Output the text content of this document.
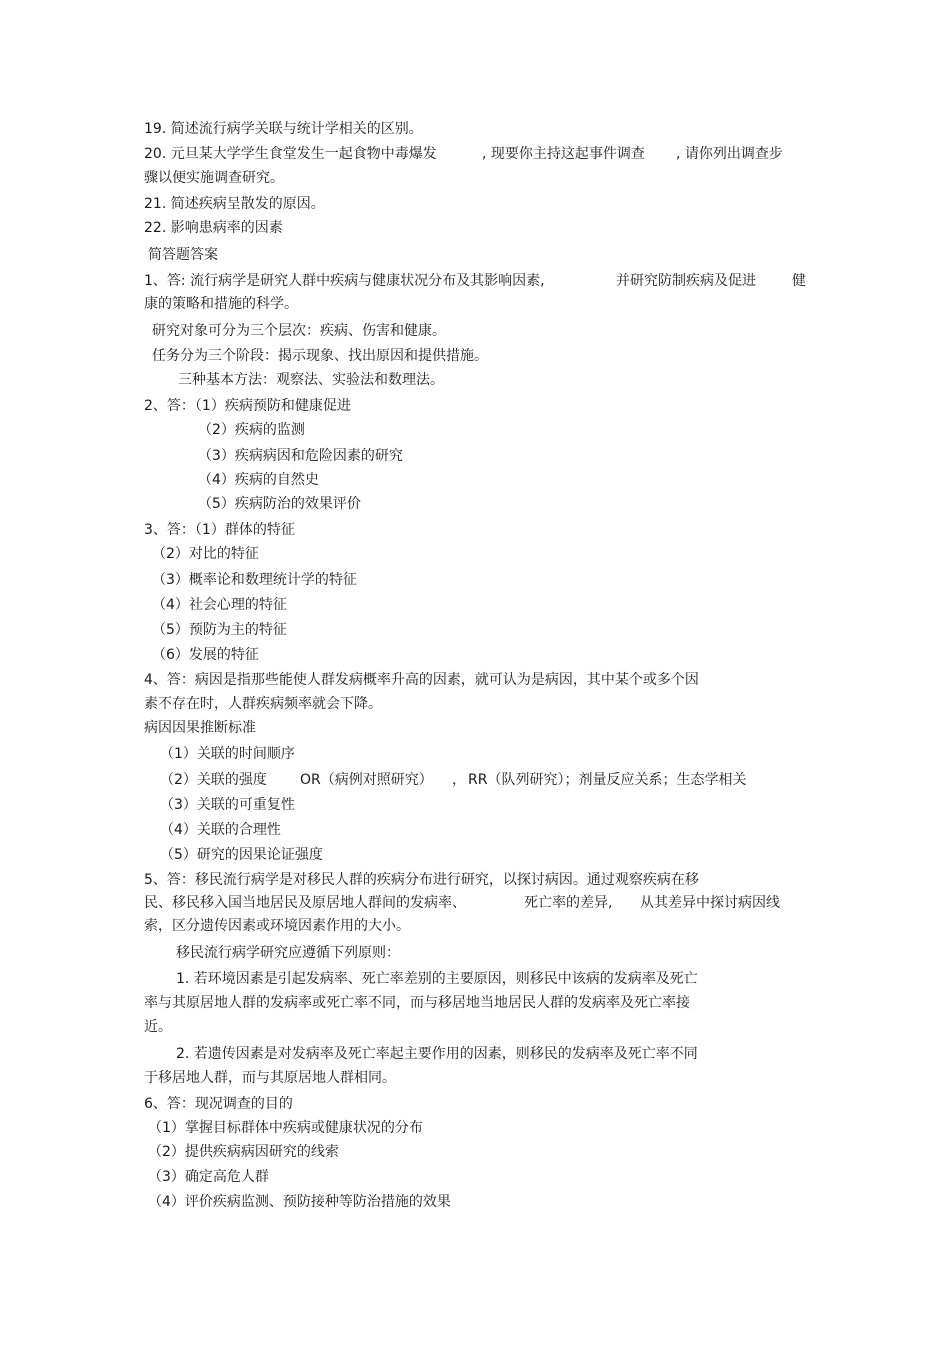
19. 简述流行病学关联与统计学相关的区别。
20. 元旦某大学学生食堂发生一起食物中毒爆发	, 现要你主持这起事件调查 , 请你列出调查步
骤以便实施调查研究。
21. 简述疾病呈散发的原因。
22. 影响患病率的因素
简答题答案
1、答: 流行病学是研究人群中疾病与健康状况分布及其影响因素,	并研究防制疾病及促进	健
康的策略和措施的科学。
研究对象可分为三个层次：疾病、伤害和健康。
任务分为三个阶段：揭示现象、找出原因和提供措施。
三种基本方法：观察法、实验法和数理法。
2、答：（1）疾病预防和健康促进
（2）疾病的监测
（3）疾病病因和危险因素的研究
（4）疾病的自然史
（5）疾病防治的效果评价
3、答：（1）群体的特征
（2）对比的特征
（3）概率论和数理统计学的特征
（4）社会心理的特征
（5）预防为主的特征
（6）发展的特征
4、答：病因是指那些能使人群发病概率升高的因素，就可认为是病因，其中某个或多个因
素不存在时，人群疾病频率就会下降。
病因因果推断标准
（1）关联的时间顺序
（2）关联的强度 OR（病例对照研究） ， RR（队列研究）；剂量反应关系；生态学相关
（3）关联的可重复性
（4）关联的合理性
（5）研究的因果论证强度
5、答：移民流行病学是对移民人群的疾病分布进行研究，以探讨病因。通过观察疾病在移
民、移民移入国当地居民及原居地人群间的发病率、	死亡率的差异, 从其差异中探讨病因线
索，区分遗传因素或环境因素作用的大小。
移民流行病学研究应遵循下列原则：
1. 若环境因素是引起发病率、死亡率差别的主要原因，则移民中该病的发病率及死亡
率与其原居地人群的发病率或死亡率不同，而与移居地当地居民人群的发病率及死亡率接
近。
2. 若遗传因素是对发病率及死亡率起主要作用的因素，则移民的发病率及死亡率不同
于移居地人群，而与其原居地人群相同。
6、答：现况调查的目的
（1）掌握目标群体中疾病或健康状况的分布
（2）提供疾病病因研究的线索
（3）确定高危人群
（4）评价疾病监测、预防接种等防治措施的效果
